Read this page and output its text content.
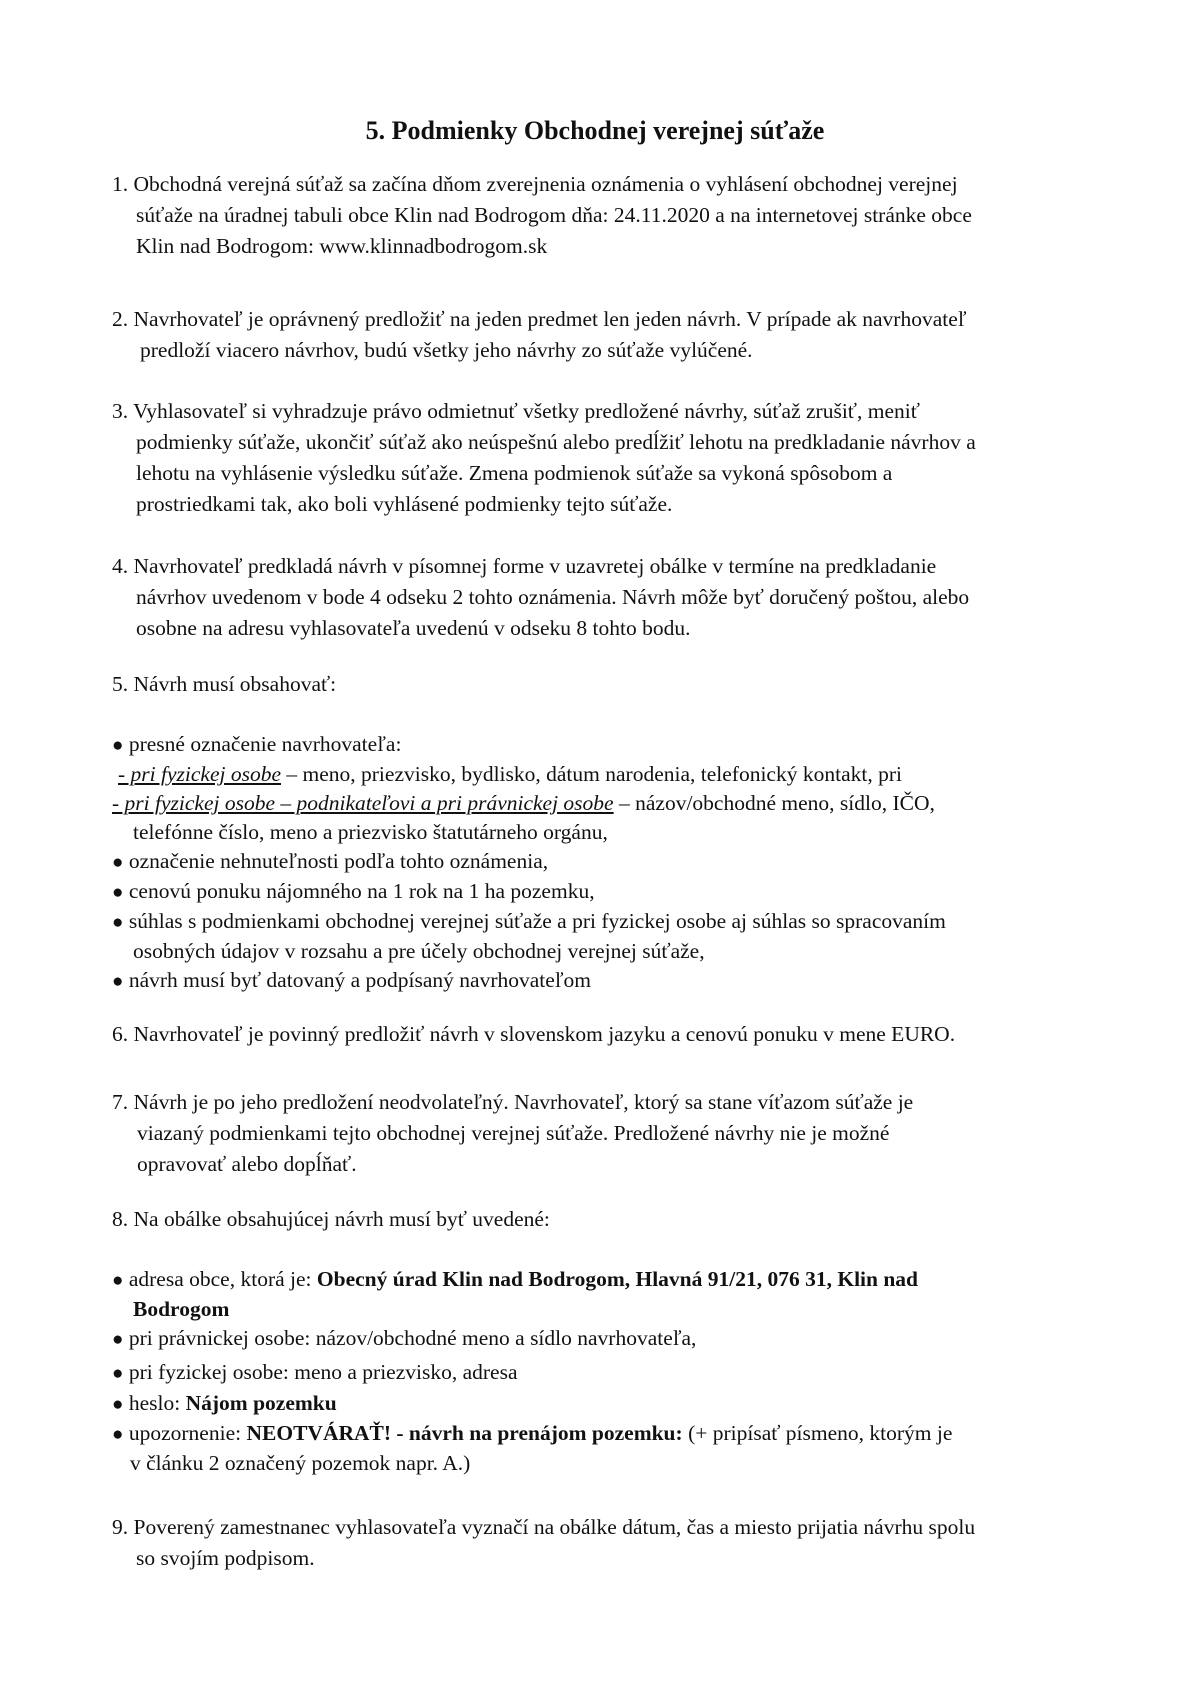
5. Podmienky Obchodnej verejnej súťaže
1. Obchodná verejná súťaž sa začína dňom zverejnenia oznámenia o vyhlásení obchodnej verejnej
súťaže na úradnej tabuli obce Klin nad Bodrogom dňa: 24.11.2020 a na internetovej stránke obce
Klin nad Bodrogom: www.klinnadbodrogom.sk
2. Navrhovateľ je oprávnený predložiť na jeden predmet len jeden návrh. V prípade ak navrhovateľ
predloží viacero návrhov, budú všetky jeho návrhy zo súťaže vylúčené.
3. Vyhlasovateľ si vyhradzuje právo odmietnuť všetky predložené návrhy, súťaž zrušiť, meniť
podmienky súťaže, ukončiť súťaž ako neúspešnú alebo predĺžiť lehotu na predkladanie návrhov a
lehotu na vyhlásenie výsledku súťaže. Zmena podmienok súťaže sa vykoná spôsobom a
prostriedkami tak, ako boli vyhlásené podmienky tejto súťaže.
4. Navrhovateľ predkladá návrh v písomnej forme v uzavretej obálke v termíne na predkladanie
návrhov uvedenom v bode 4 odseku 2 tohto oznámenia. Návrh môže byť doručený poštou, alebo
osobne na adresu vyhlasovateľa uvedenú v odseku 8 tohto bodu.
5. Návrh musí obsahovať:
● presné označenie navrhovateľa:
- pri fyzickej osobe – meno, priezvisko, bydlisko, dátum narodenia, telefonický kontakt, pri
- pri fyzickej osobe – podnikateľovi a pri právnickej osobe – názov/obchodné meno, sídlo, IČO,
telefónne číslo, meno a priezvisko štatutárneho orgánu,
● označenie nehnuteľnosti podľa tohto oznámenia,
● cenovú ponuku nájomného na 1 rok na 1 ha pozemku,
● súhlas s podmienkami obchodnej verejnej súťaže a pri fyzickej osobe aj súhlas so spracovaním
osobných údajov v rozsahu a pre účely obchodnej verejnej súťaže,
● návrh musí byť datovaný a podpísaný navrhovateľom
6. Navrhovateľ je povinný predložiť návrh v slovenskom jazyku a cenovú ponuku v mene EURO.
7. Návrh je po jeho predložení neodvolateľný. Navrhovateľ, ktorý sa stane víťazom súťaže je
viazaný podmienkami tejto obchodnej verejnej súťaže. Predložené návrhy nie je možné
opravovať alebo dopĺňať.
8. Na obálke obsahujúcej návrh musí byť uvedené:
● adresa obce, ktorá je: Obecný úrad Klin nad Bodrogom, Hlavná 91/21, 076 31, Klin nad
Bodrogom
● pri právnickej osobe: názov/obchodné meno a sídlo navrhovateľa,
● pri fyzickej osobe: meno a priezvisko, adresa
● heslo: Nájom pozemku
● upozornenie: NEOTVÁRAŤ! - návrh na prenájom pozemku: (+ pripísať písmeno, ktorým je
v článku 2 označený pozemok napr. A.)
9. Poverený zamestnanec vyhlasovateľa vyznačí na obálke dátum, čas a miesto prijatia návrhu spolu
so svojím podpisom.
